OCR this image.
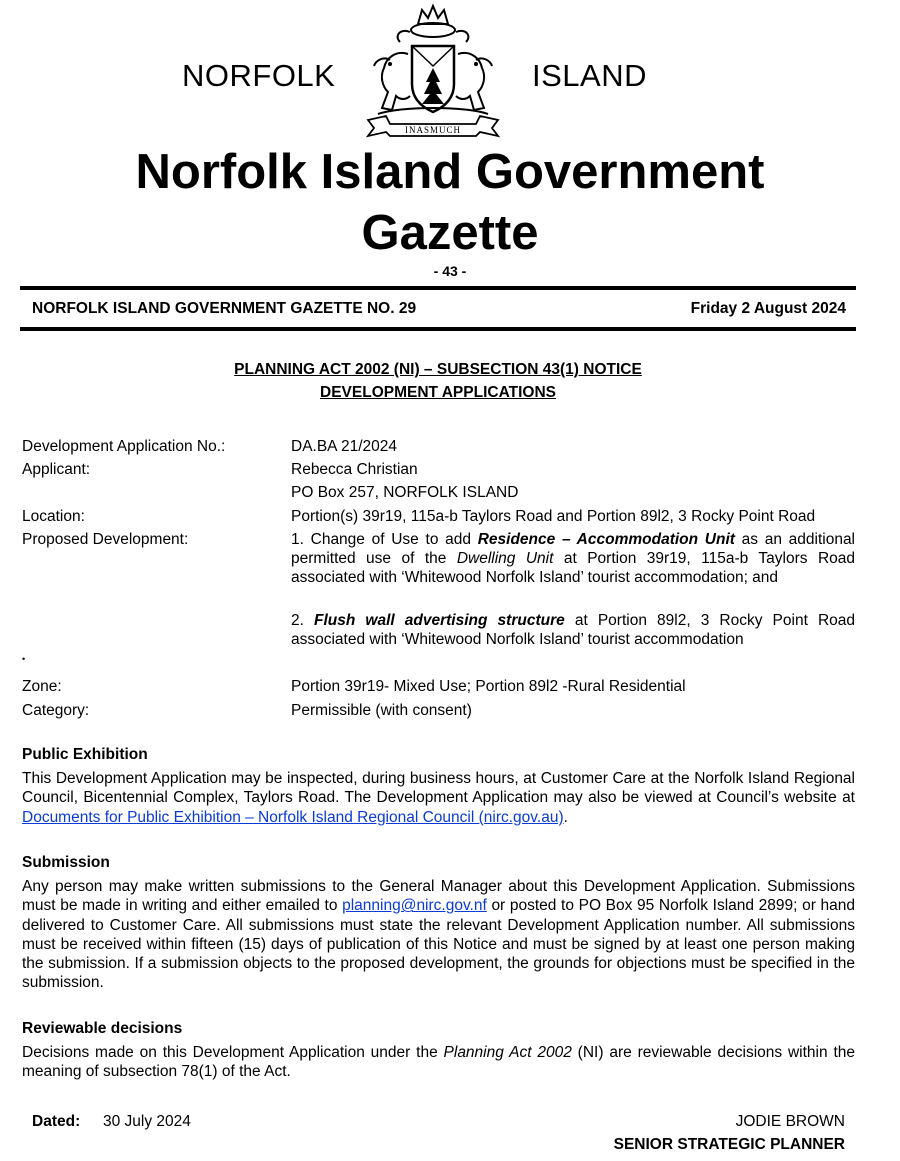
NORFOLK	ISLAND
INASMUCH
Norfolk Island Government
Gazette
- 43 -
NORFOLK ISLAND GOVERNMENT GAZETTE NO. 29	Friday 2 August 2024
PLANNING ACT 2002 (NI) – SUBSECTION 43(1) NOTICE
DEVELOPMENT APPLICATIONS
Development Application No.:	DA.BA 21/2024
Applicant:	Rebecca Christian
PO Box 257, NORFOLK ISLAND
Location:	Portion(s) 39r19, 115a-b Taylors Road and Portion 89l2, 3 Rocky Point Road
Proposed Development:	1. Change of Use to add Residence – Accommodation Unit as an additional permitted use of the Dwelling Unit at Portion 39r19, 115a-b Taylors Road associated with ‘Whitewood Norfolk Island’ tourist accommodation; and
2. Flush wall advertising structure at Portion 89l2, 3 Rocky Point Road associated with ‘Whitewood Norfolk Island’ tourist accommodation
•
Zone:	Portion 39r19- Mixed Use; Portion 89l2 -Rural Residential
Category:	Permissible (with consent)
Public Exhibition
This Development Application may be inspected, during business hours, at Customer Care at the Norfolk Island Regional Council, Bicentennial Complex, Taylors Road. The Development Application may also be viewed at Council’s website at Documents for Public Exhibition – Norfolk Island Regional Council (nirc.gov.au).
Submission
Any person may make written submissions to the General Manager about this Development Application. Submissions must be made in writing and either emailed to planning@nirc.gov.nf or posted to PO Box 95 Norfolk Island 2899; or hand delivered to Customer Care. All submissions must state the relevant Development Application number. All submissions must be received within fifteen (15) days of publication of this Notice and must be signed by at least one person making the submission. If a submission objects to the proposed development, the grounds for objections must be specified in the submission.
Reviewable decisions
Decisions made on this Development Application under the Planning Act 2002 (NI) are reviewable decisions within the meaning of subsection 78(1) of the Act.
Dated: 30 July 2024	JODIE BROWN
SENIOR STRATEGIC PLANNER
